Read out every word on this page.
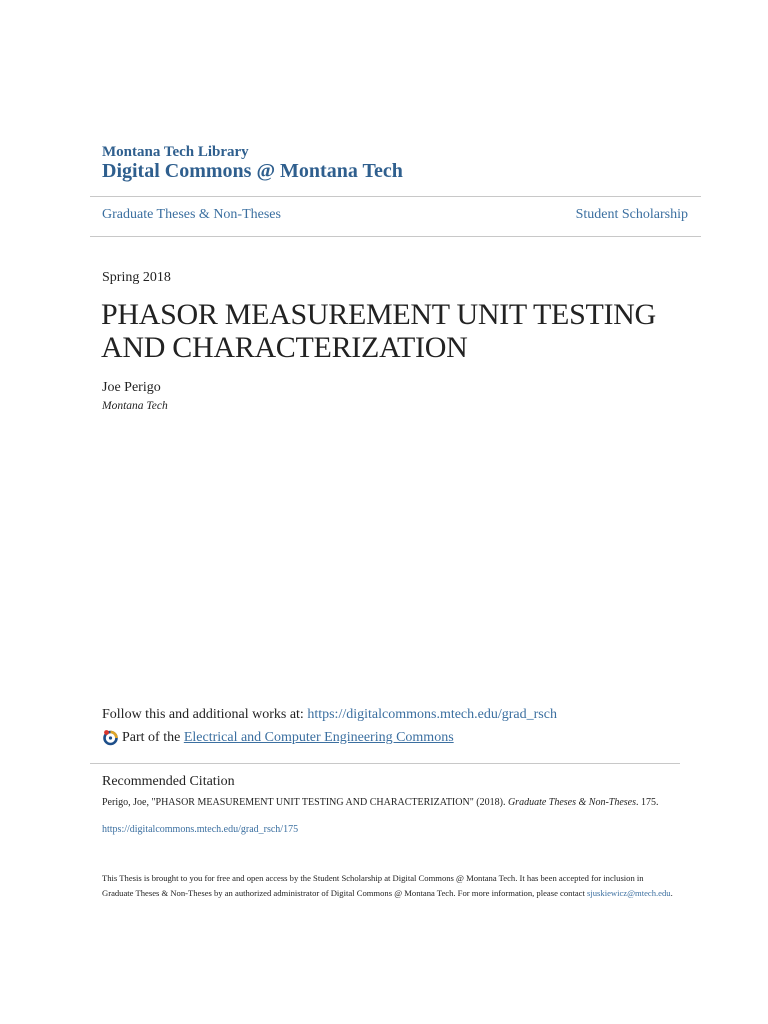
Montana Tech Library
Digital Commons @ Montana Tech
Graduate Theses & Non-Theses	Student Scholarship
Spring 2018
PHASOR MEASUREMENT UNIT TESTING AND CHARACTERIZATION
Joe Perigo
Montana Tech
Follow this and additional works at: https://digitalcommons.mtech.edu/grad_rsch
Part of the
Electrical and Computer Engineering Commons
Recommended Citation
Perigo, Joe, "PHASOR MEASUREMENT UNIT TESTING AND CHARACTERIZATION" (2018). Graduate Theses & Non-Theses. 175.
https://digitalcommons.mtech.edu/grad_rsch/175
This Thesis is brought to you for free and open access by the Student Scholarship at Digital Commons @ Montana Tech. It has been accepted for inclusion in Graduate Theses & Non-Theses by an authorized administrator of Digital Commons @ Montana Tech. For more information, please contact sjuskiewicz@mtech.edu.
